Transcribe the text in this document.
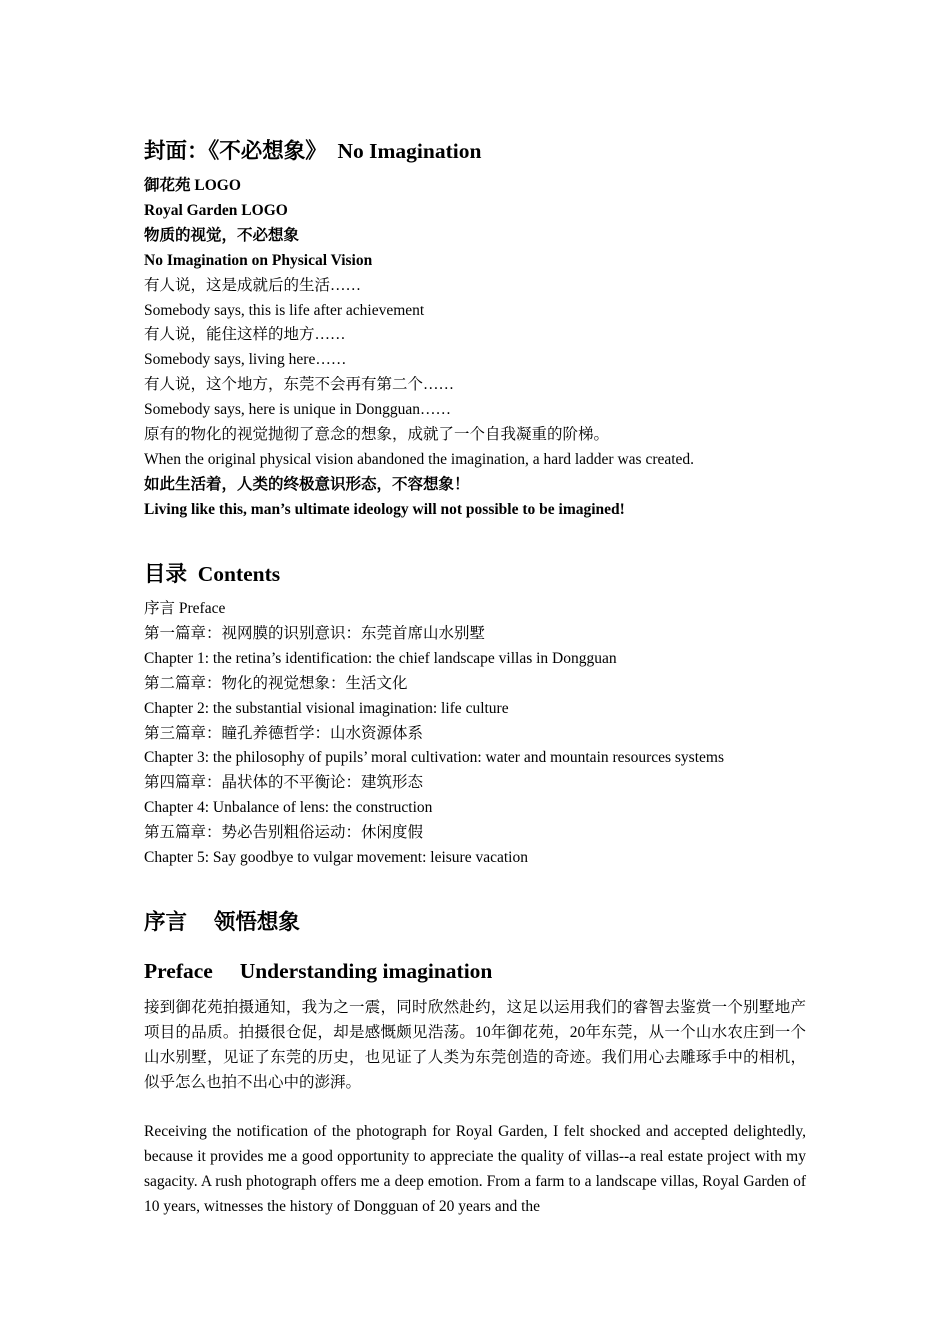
封面：《不必想象》  No Imagination
御花苑 LOGO
Royal Garden LOGO
物质的视觉，不必想象
No Imagination on Physical Vision
有人说，这是成就后的生活……
Somebody says, this is life after achievement
有人说，能住这样的地方……
Somebody says, living here……
有人说，这个地方，东莞不会再有第二个……
Somebody says, here is unique in Dongguan……
原有的物化的视觉抛彻了意念的想象，成就了一个自我凝重的阶梯。
When the original physical vision abandoned the imagination, a hard ladder was created.
如此生活着，人类的终极意识形态，不容想象！
Living like this, man’s ultimate ideology will not possible to be imagined!
目录  Contents
序言 Preface
第一篇章：视网膜的识别意识：东莞首席山水别墅
Chapter 1: the retina’s identification: the chief landscape villas in Dongguan
第二篇章：物化的视觉想象：生活文化
Chapter 2: the substantial visional imagination: life culture
第三篇章：瞳孔养德哲学：山水资源体系
Chapter 3: the philosophy of pupils’ moral cultivation: water and mountain resources systems
第四篇章：晶状体的不平衡论：建筑形态
Chapter 4: Unbalance of lens: the construction
第五篇章：势必告别粗俗运动：休闲度假
Chapter 5: Say goodbye to vulgar movement: leisure vacation
序言     领悟想象
Preface     Understanding imagination

接到御花苑拍摄通知，我为之一震，同时欣然赴约，这足以运用我们的睿智去鉴赏一个别墅地产项目的品质。拍摄很仓促，却是感慨颇见浩荡。10年御花苑，20年东莞，从一个山水农庄到一个山水别墅，见证了东莞的历史，也见证了人类为东莞创造的奇迹。我们用心去雕琢手中的相机，似乎怎么也拍不出心中的澎湃。

Receiving the notification of the photograph for Royal Garden, I felt shocked and accepted delightedly, because it provides me a good opportunity to appreciate the quality of villas--a real estate project with my sagacity. A rush photograph offers me a deep emotion. From a farm to a landscape villas, Royal Garden of 10 years, witnesses the history of Dongguan of 20 years and the
